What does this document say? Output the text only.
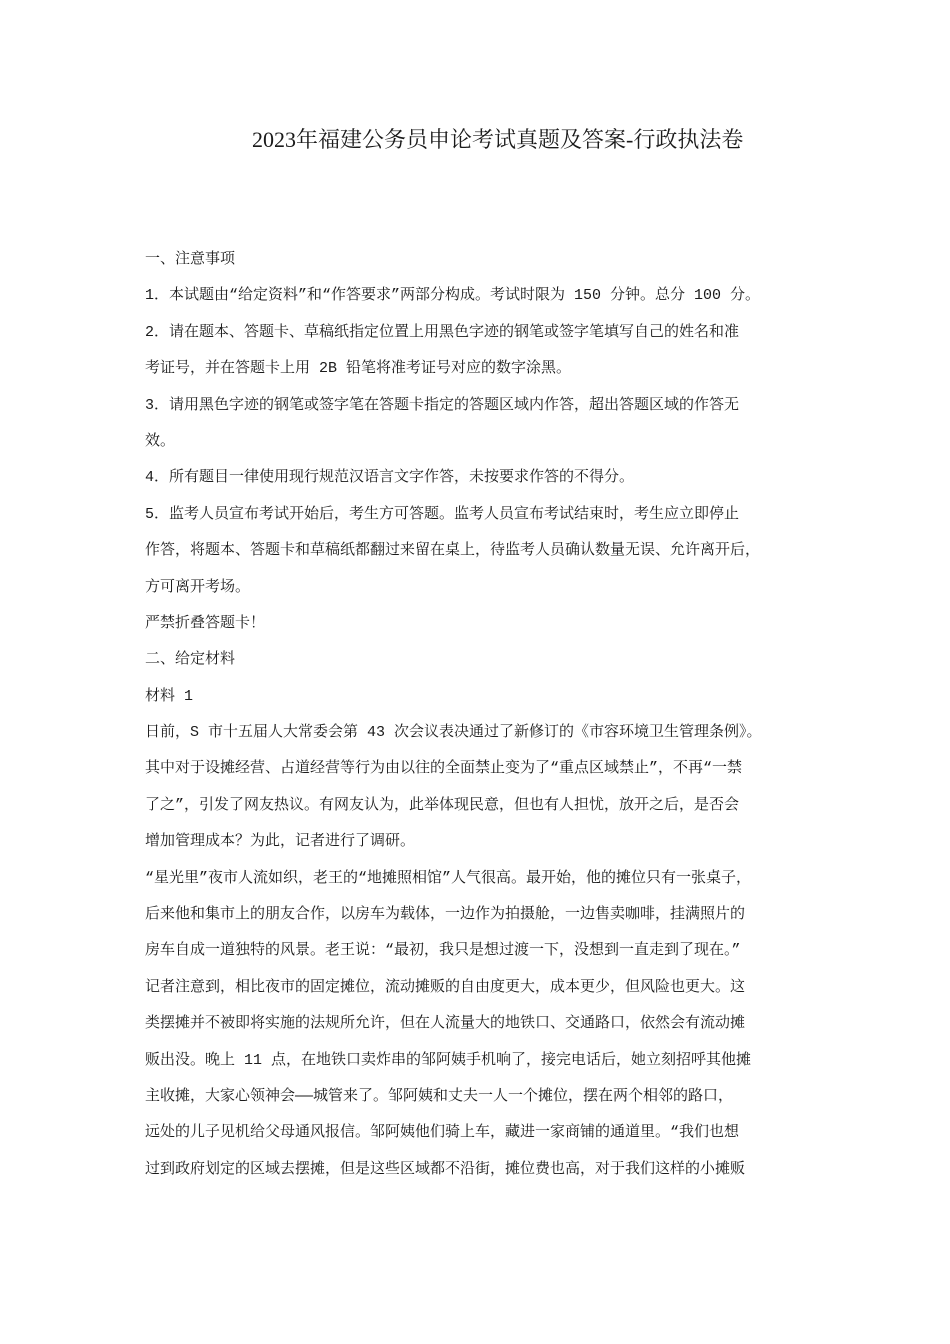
2023年福建公务员申论考试真题及答案-行政执法卷
一、注意事项
1．本试题由“给定资料”和“作答要求”两部分构成。考试时限为 150 分钟。总分 100 分。
2．请在题本、答题卡、草稿纸指定位置上用黑色字迹的钢笔或签字笔填写自己的姓名和准
考证号，并在答题卡上用 2B 铅笔将准考证号对应的数字涂黑。
3．请用黑色字迹的钢笔或签字笔在答题卡指定的答题区域内作答，超出答题区域的作答无
效。
4．所有题目一律使用现行规范汉语言文字作答，未按要求作答的不得分。
5．监考人员宣布考试开始后，考生方可答题。监考人员宣布考试结束时，考生应立即停止
作答，将题本、答题卡和草稿纸都翻过来留在桌上，待监考人员确认数量无误、允许离开后，
方可离开考场。
严禁折叠答题卡！
二、给定材料
材料 1
日前，S 市十五届人大常委会第 43 次会议表决通过了新修订的《市容环境卫生管理条例》。
其中对于设摊经营、占道经营等行为由以往的全面禁止变为了“重点区域禁止”，不再“一禁
了之”，引发了网友热议。有网友认为，此举体现民意，但也有人担忧，放开之后，是否会
增加管理成本？为此，记者进行了调研。
“星光里”夜市人流如织，老王的“地摊照相馆”人气很高。最开始，他的摊位只有一张桌子，
后来他和集市上的朋友合作，以房车为载体，一边作为拍摄舱，一边售卖咖啡，挂满照片的
房车自成一道独特的风景。老王说：“最初，我只是想过渡一下，没想到一直走到了现在。”
记者注意到，相比夜市的固定摊位，流动摊贩的自由度更大，成本更少，但风险也更大。这
类摆摊并不被即将实施的法规所允许，但在人流量大的地铁口、交通路口，依然会有流动摊
贩出没。晚上 11 点，在地铁口卖炸串的邹阿姨手机响了，接完电话后，她立刻招呼其他摊
主收摊，大家心领神会——城管来了。邹阿姨和丈夫一人一个摊位，摆在两个相邻的路口，
远处的儿子见机给父母通风报信。邹阿姨他们骑上车，藏进一家商铺的通道里。“我们也想
过到政府划定的区域去摆摊，但是这些区域都不沿街，摊位费也高，对于我们这样的小摊贩
